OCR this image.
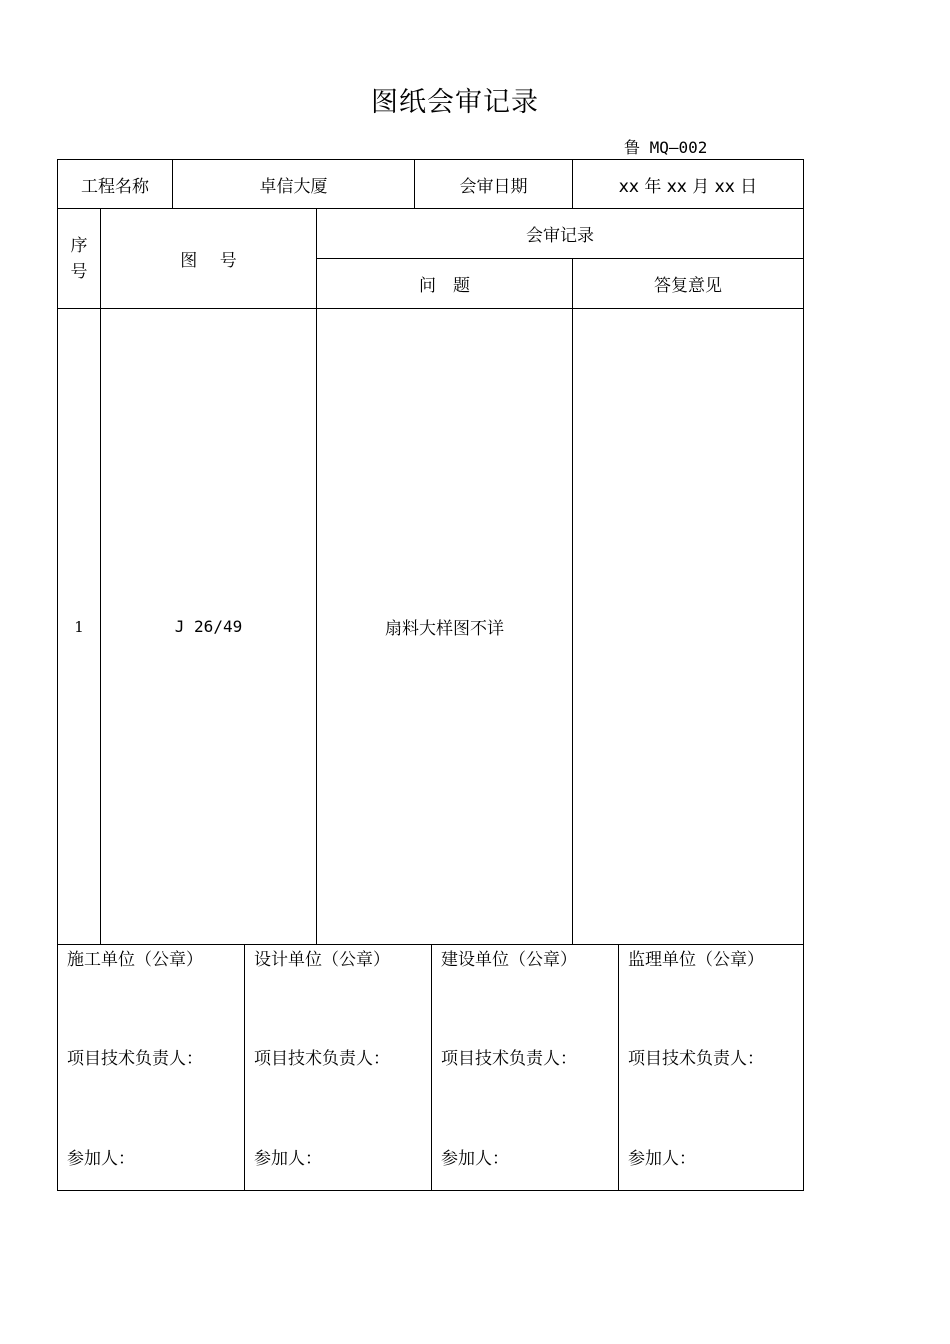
图纸会审记录
鲁 MQ—002
工程名称	卓信大厦	会审日期	xx 年 xx 月 xx 日
序
号
图　 号
会审记录
问　题	答复意见
1	J 26/49	扇料大样图不详
施工单位（公章）
项目技术负责人：
参加人：
设计单位（公章）
项目技术负责人：
参加人：
建设单位（公章）
项目技术负责人：
参加人：
监理单位（公章）
项目技术负责人：
参加人：
